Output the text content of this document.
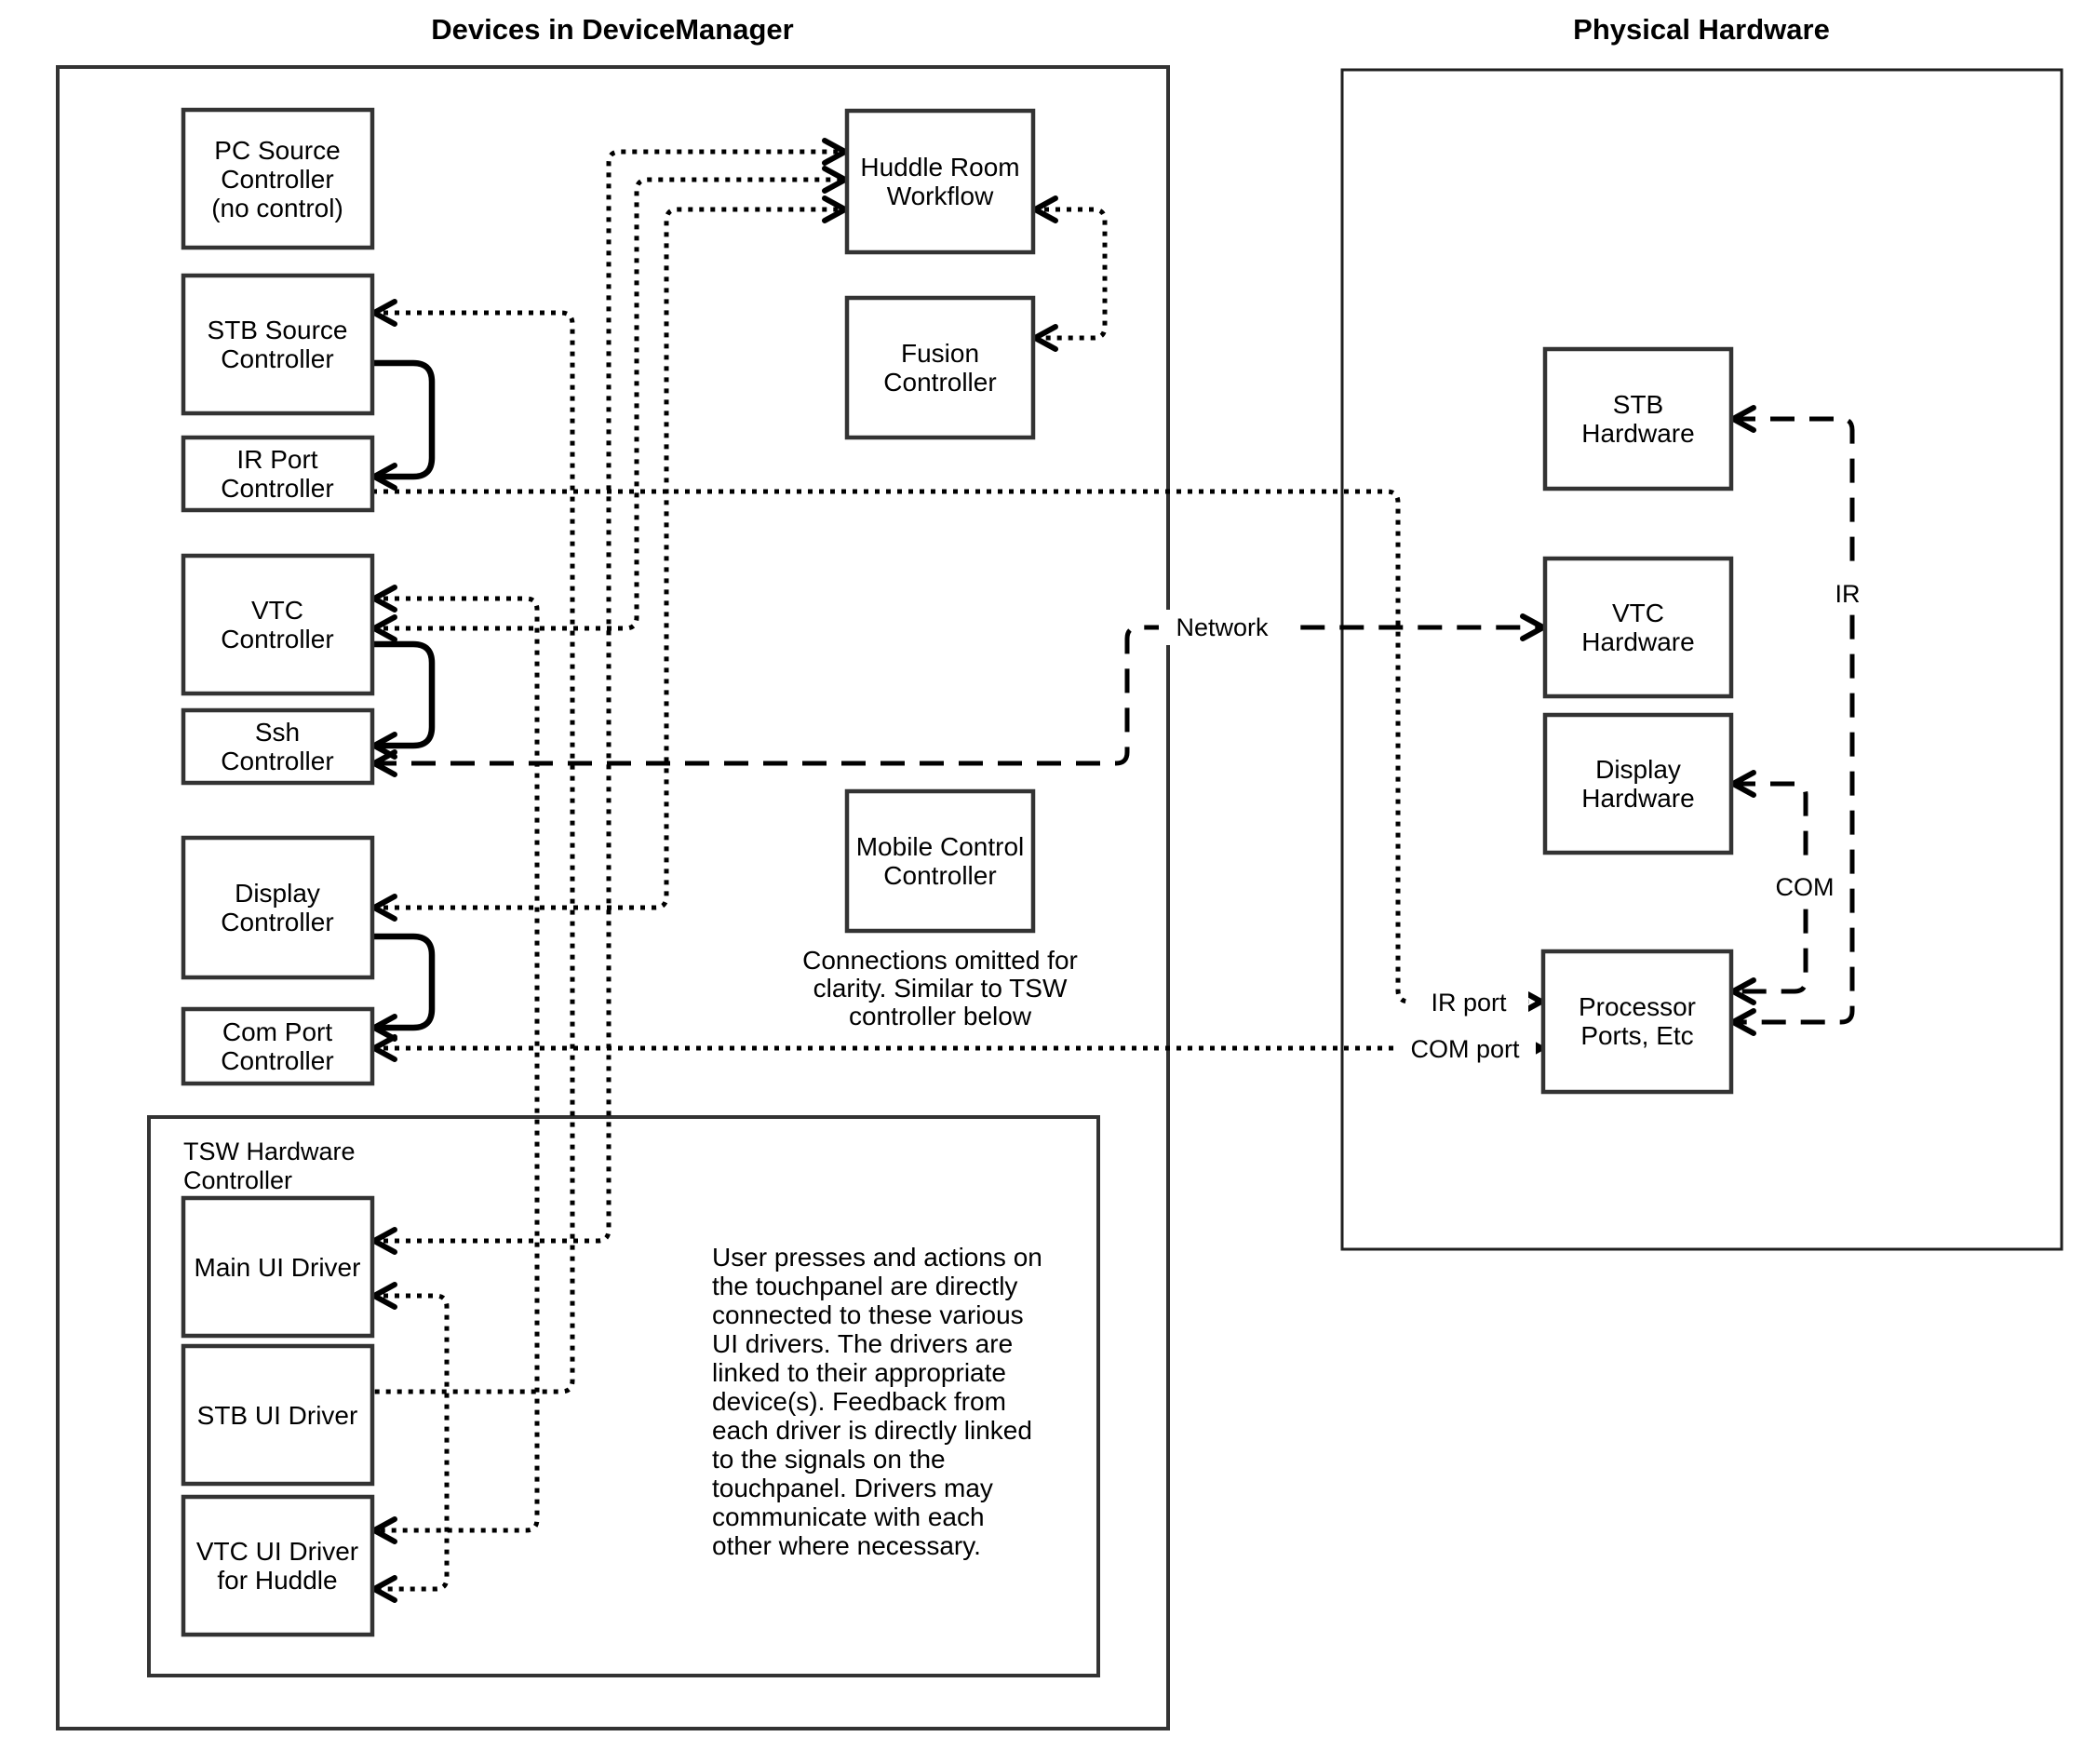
Devices in DeviceManager	Physical Hardware
TSW Hardware
Controller
Network
IR
COM
IR port
COM port
PC Source
Controller
(no control)
STB Source
Controller
IR Port
Controller
VTC
Controller
Ssh
Controller
Display
Controller
Com Port
Controller
Huddle Room
Workflow
Fusion
Controller
Mobile Control
Controller
Connections omitted for
clarity. Similar to TSW
controller below
Main UI Driver
STB UI Driver
VTC UI Driver
for Huddle
User presses and actions on
the touchpanel are directly
connected to these various
UI drivers. The drivers are
linked to their appropriate
device(s). Feedback from
each driver is directly linked
to the signals on the
touchpanel. Drivers may
communicate with each
other where necessary.
STB
Hardware
VTC
Hardware
Display
Hardware
Processor
Ports, Etc
